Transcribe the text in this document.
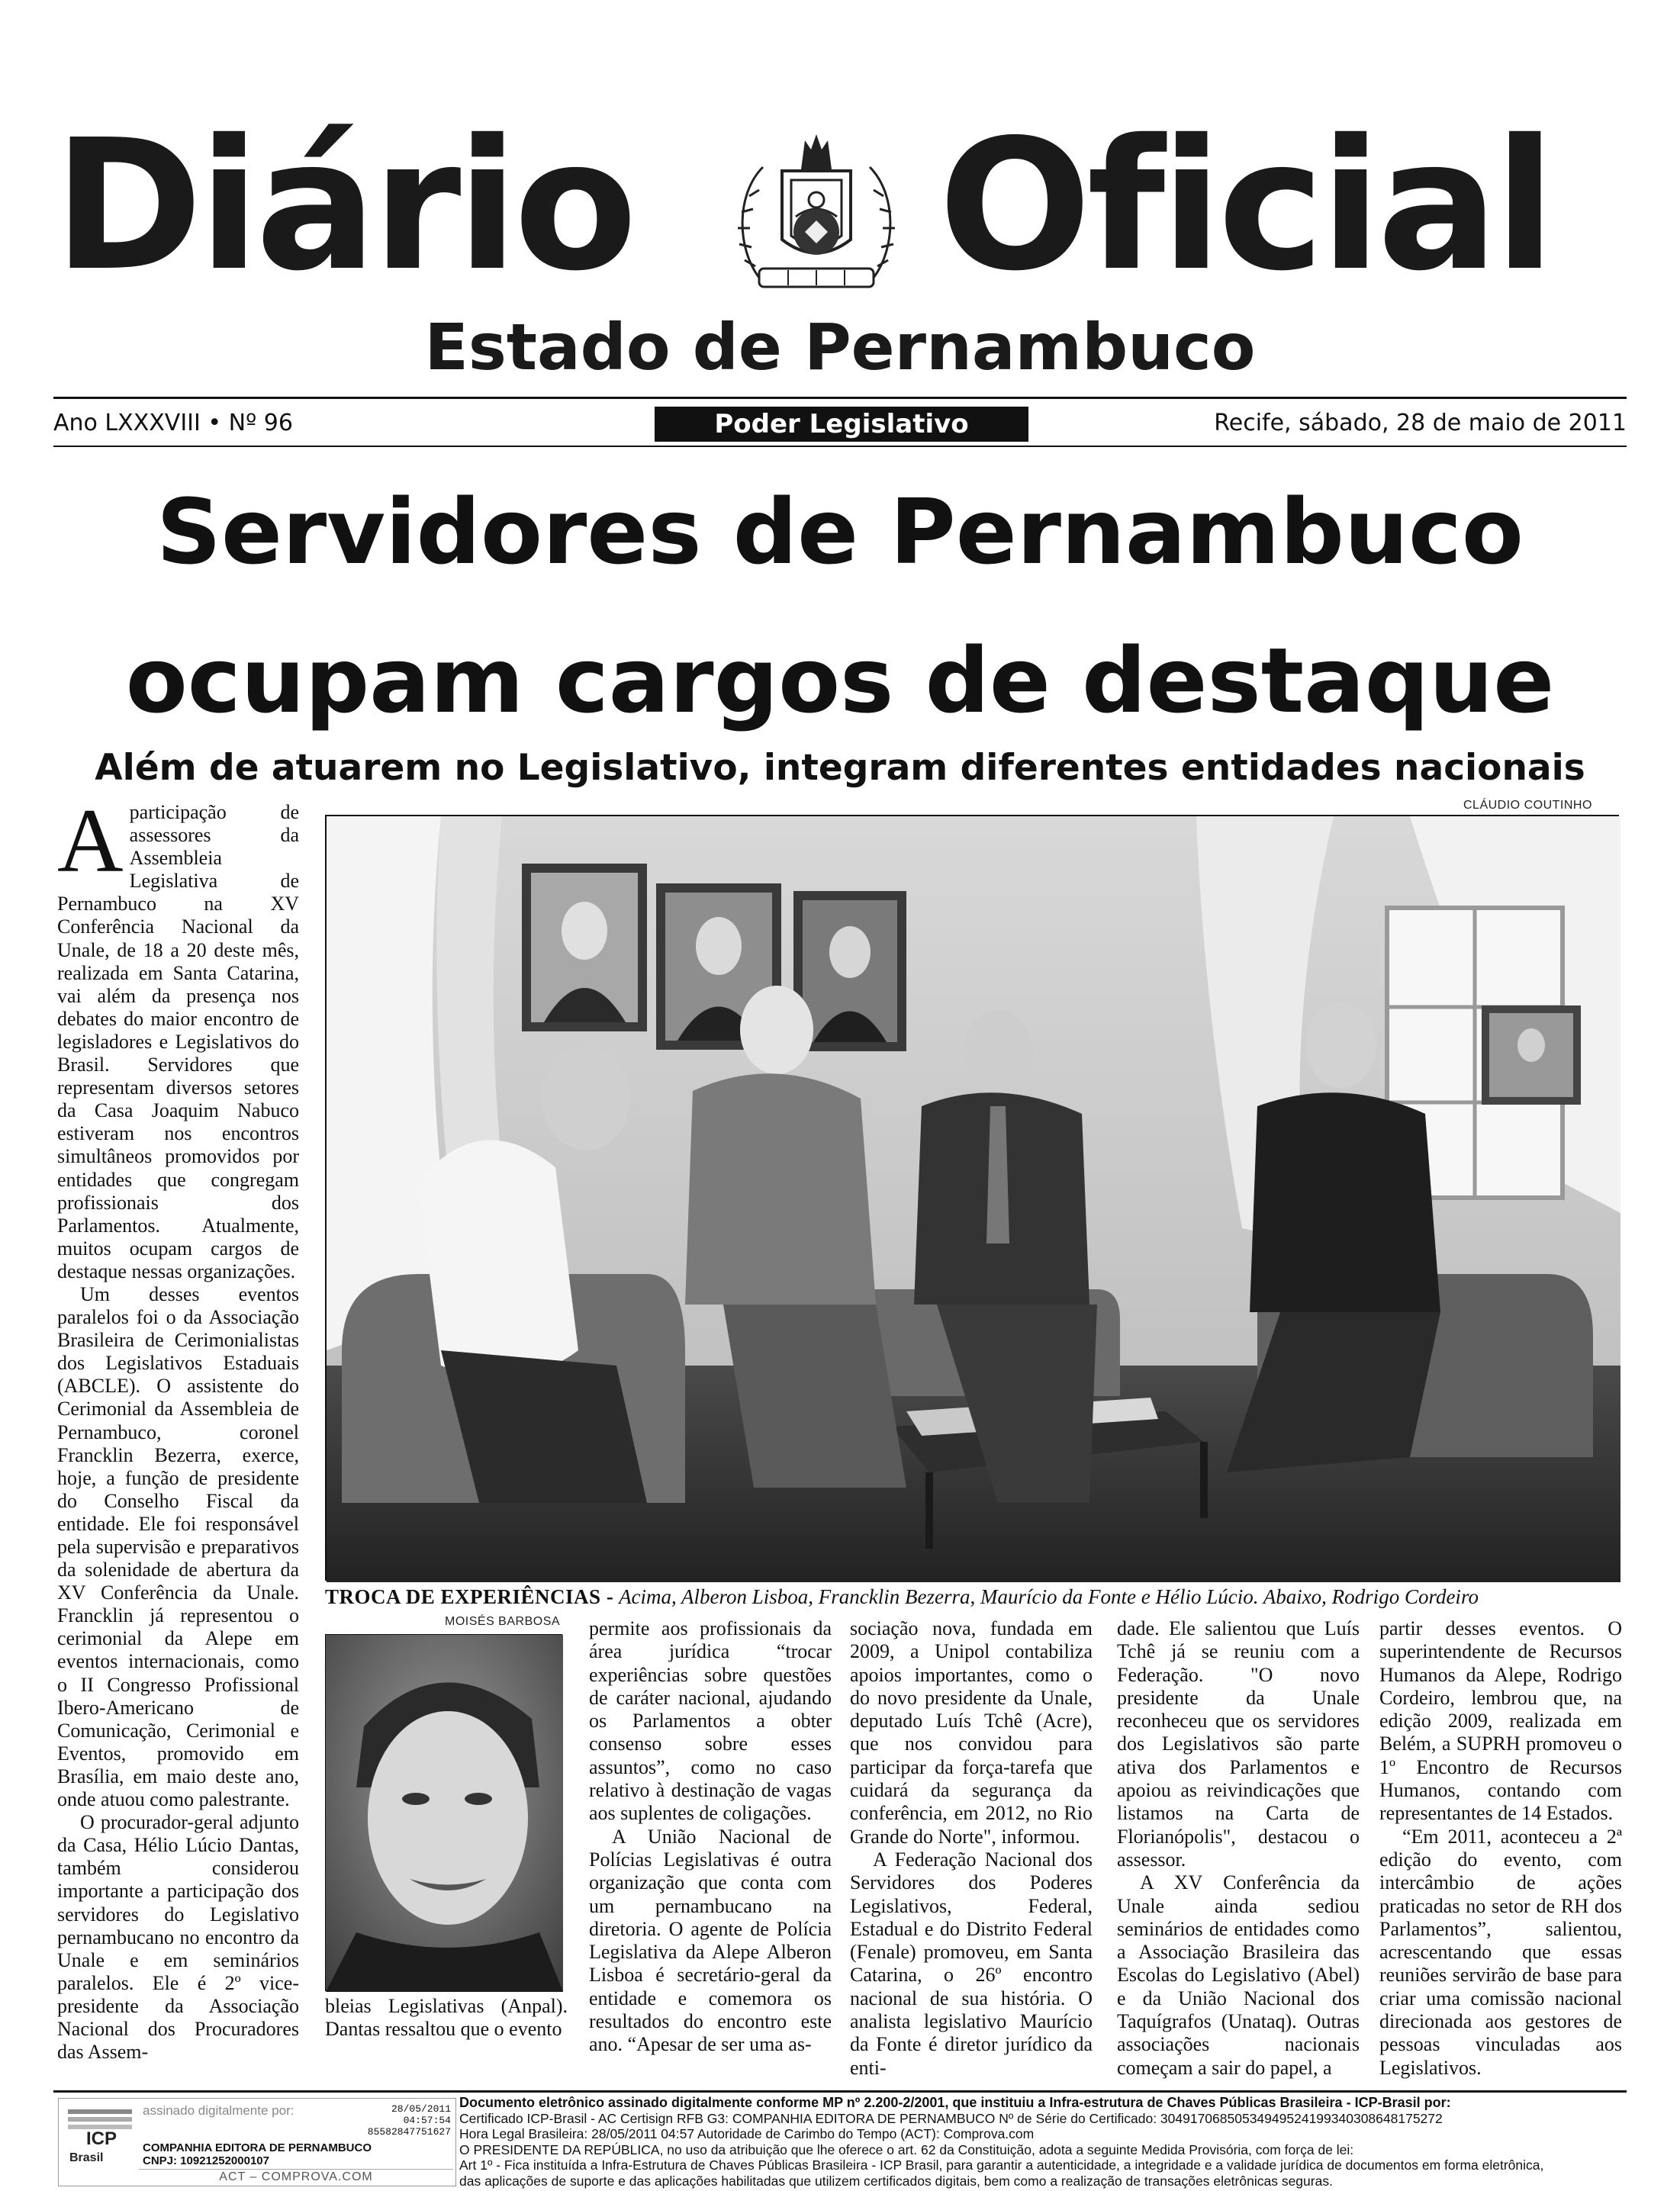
Diário Oficial
Estado de Pernambuco
Ano LXXXVIII • Nº 96	Poder Legislativo	Recife, sábado, 28 de maio de 2011
Servidores de Pernambuco
ocupam cargos de destaque
Além de atuarem no Legislativo, integram diferentes entidades nacionais
CLÁUDIO COUTINHO

Aparticipação de assessores da Assembleia Legislativa de Pernambuco na XV Conferência Nacional da Unale, de 18 a 20 deste mês, realizada em Santa Catarina, vai além da presença nos debates do maior encontro de legisladores e Legislativos do Brasil. Servidores que representam diversos setores da Casa Joaquim Nabuco estiveram nos encontros simultâneos promovidos por entidades que congregam profissionais dos Parlamentos. Atualmente, muitos ocupam cargos de destaque nessas organizações.

Um desses eventos paralelos foi o da Associação Brasileira de Cerimonialistas dos Legislativos Estaduais (ABCLE). O assistente do Cerimonial da Assembleia de Pernambuco, coronel Francklin Bezerra, exerce, hoje, a função de presidente do Conselho Fiscal da entidade. Ele foi responsável pela supervisão e preparativos da solenidade de abertura da XV Conferência da Unale. Francklin já representou o cerimonial da Alepe em eventos internacionais, como o II Congresso Profissional Ibero-Americano de Comunicação, Cerimonial e Eventos, promovido em Brasília, em maio deste ano, onde atuou como palestrante.

O procurador-geral adjunto da Casa, Hélio Lúcio Dantas, também considerou importante a participação dos servidores do Legislativo pernambucano no encontro da Unale e em seminários paralelos. Ele é 2º vice-presidente da Associação Nacional dos Procuradores das Assem-

TROCA DE EXPERIÊNCIAS - Acima, Alberon Lisboa, Francklin Bezerra, Maurício da Fonte e Hélio Lúcio. Abaixo, Rodrigo Cordeiro
MOISÉS BARBOSA
bleias Legislativas (Anpal). Dantas ressaltou que o evento

permite aos profissionais da área jurídica “trocar experiências sobre questões de caráter nacional, ajudando os Parlamentos a obter consenso sobre esses assuntos”, como no caso relativo à destinação de vagas aos suplentes de coligações.

A União Nacional de Polícias Legislativas é outra organização que conta com um pernambucano na diretoria. O agente de Polícia Legislativa da Alepe Alberon Lisboa é secretário-geral da entidade e comemora os resultados do encontro este ano. “Apesar de ser uma as-

sociação nova, fundada em 2009, a Unipol contabiliza apoios importantes, como o do novo presidente da Unale, deputado Luís Tchê (Acre), que nos convidou para participar da força-tarefa que cuidará da segurança da conferência, em 2012, no Rio Grande do Norte", informou.

A Federação Nacional dos Servidores dos Poderes Legislativos, Federal, Estadual e do Distrito Federal (Fenale) promoveu, em Santa Catarina, o 26º encontro nacional de sua história. O analista legislativo Maurício da Fonte é diretor jurídico da enti-

dade. Ele salientou que Luís Tchê já se reuniu com a Federação. "O novo presidente da Unale reconheceu que os servidores dos Legislativos são parte ativa dos Parlamentos e apoiou as reivindicações que listamos na Carta de Florianópolis", destacou o assessor.

A XV Conferência da Unale ainda sediou seminários de entidades como a Associação Brasileira das Escolas do Legislativo (Abel) e da União Nacional dos Taquígrafos (Unataq). Outras associações nacionais começam a sair do papel, a

partir desses eventos. O superintendente de Recursos Humanos da Alepe, Rodrigo Cordeiro, lembrou que, na edição 2009, realizada em Belém, a SUPRH promoveu o 1º Encontro de Recursos Humanos, contando com representantes de 14 Estados.

“Em 2011, aconteceu a 2ª edição do evento, com intercâmbio de ações praticadas no setor de RH dos Parlamentos”, salientou, acrescentando que essas reuniões servirão de base para criar uma comissão nacional direcionada aos gestores de pessoas vinculadas aos Legislativos.

ICP
Brasil
assinado digitalmente por:	28/05/2011
04:57:54
85582847751627
COMPANHIA EDITORA DE PERNAMBUCO
CNPJ: 10921252000107
ACT – COMPROVA.COM
Documento eletrônico assinado digitalmente conforme MP nº 2.200-2/2001, que instituiu a Infra-estrutura de Chaves Públicas Brasileira - ICP-Brasil por:
Certificado ICP-Brasil - AC Certisign RFB G3: COMPANHIA EDITORA DE PERNAMBUCO Nº de Série do Certificado: 3049170685053494952419934030864817527​2
Hora Legal Brasileira: 28/05/2011 04:57 Autoridade de Carimbo do Tempo (ACT): Comprova.com
O PRESIDENTE DA REPÚBLICA, no uso da atribuição que lhe oferece o art. 62 da Constituição, adota a seguinte Medida Provisória, com força de lei:
Art 1º - Fica instituída a Infra-Estrutura de Chaves Públicas Brasileira - ICP Brasil, para garantir a autenticidade, a integridade e a validade jurídica de documentos em forma eletrônica,
das aplicações de suporte e das aplicações habilitadas que utilizem certificados digitais, bem como a realização de transações eletrônicas seguras.
